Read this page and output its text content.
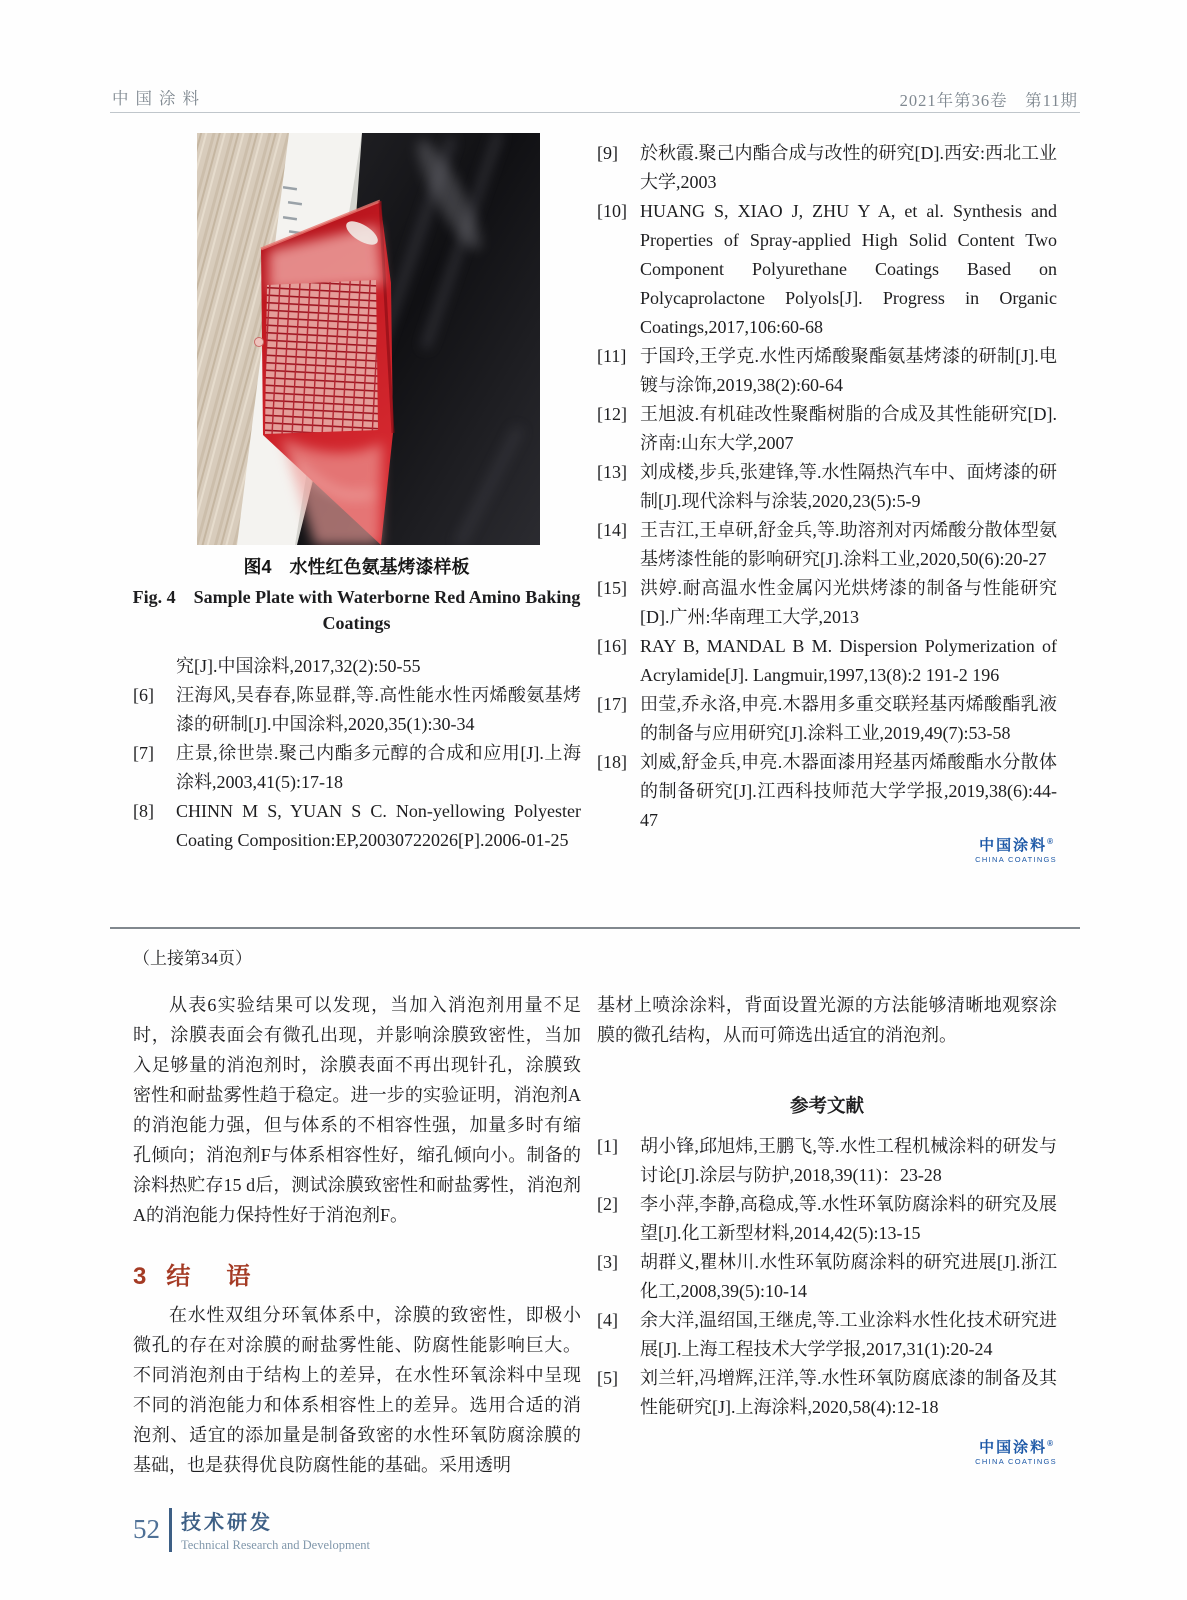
中国涂料	2021年第36卷　第11期
图4　水性红色氨基烤漆样板
Fig. 4　Sample Plate with Waterborne Red Amino Baking
Coatings
究[J].中国涂料,2017,32(2):50-55
[6] 汪海风,吴春春,陈显群,等.高性能水性丙烯酸氨基烤漆的研制[J].中国涂料,2020,35(1):30-34
[7] 庄景,徐世崇.聚己内酯多元醇的合成和应用[J].上海涂料,2003,41(5):17-18
[8] CHINN M S, YUAN S C. Non-yellowing Polyester Coating Composition:EP,20030722026[P].2006-01-25
[9] 於秋霞.聚己内酯合成与改性的研究[D].西安:西北工业大学,2003
[10] HUANG S, XIAO J, ZHU Y A, et al. Synthesis and Properties of Spray-applied High Solid Content Two Component Polyurethane Coatings Based on Polycaprolactone Polyols[J]. Progress in Organic Coatings,2017,106:60-68
[11] 于国玲,王学克.水性丙烯酸聚酯氨基烤漆的研制[J].电镀与涂饰,2019,38(2):60-64
[12] 王旭波.有机硅改性聚酯树脂的合成及其性能研究[D].济南:山东大学,2007
[13] 刘成楼,步兵,张建锋,等.水性隔热汽车中、面烤漆的研制[J].现代涂料与涂装,2020,23(5):5-9
[14] 王吉江,王卓研,舒金兵,等.助溶剂对丙烯酸分散体型氨基烤漆性能的影响研究[J].涂料工业,2020,50(6):20-27
[15] 洪婷.耐高温水性金属闪光烘烤漆的制备与性能研究[D].广州:华南理工大学,2013
[16] RAY B, MANDAL B M. Dispersion Polymerization of Acrylamide[J]. Langmuir,1997,13(8):2 191-2 196
[17] 田莹,乔永洛,申亮.木器用多重交联羟基丙烯酸酯乳液的制备与应用研究[J].涂料工业,2019,49(7):53-58
[18] 刘威,舒金兵,申亮.木器面漆用羟基丙烯酸酯水分散体的制备研究[J].江西科技师范大学学报,2019,38(6):44-47
中国涂料®
CHINA COATINGS
（上接第34页）
从表6实验结果可以发现，当加入消泡剂用量不足时，涂膜表面会有微孔出现，并影响涂膜致密性，当加入足够量的消泡剂时，涂膜表面不再出现针孔，涂膜致密性和耐盐雾性趋于稳定。进一步的实验证明，消泡剂A的消泡能力强，但与体系的不相容性强，加量多时有缩孔倾向；消泡剂F与体系相容性好，缩孔倾向小。制备的涂料热贮存15 d后，测试涂膜致密性和耐盐雾性，消泡剂A的消泡能力保持性好于消泡剂F。
3 结　语
在水性双组分环氧体系中，涂膜的致密性，即极小微孔的存在对涂膜的耐盐雾性能、防腐性能影响巨大。不同消泡剂由于结构上的差异，在水性环氧涂料中呈现不同的消泡能力和体系相容性上的差异。选用合适的消泡剂、适宜的添加量是制备致密的水性环氧防腐涂膜的基础，也是获得优良防腐性能的基础。采用透明
基材上喷涂涂料，背面设置光源的方法能够清晰地观察涂膜的微孔结构，从而可筛选出适宜的消泡剂。
参考文献
[1] 胡小锋,邱旭炜,王鹏飞,等.水性工程机械涂料的研发与讨论[J].涂层与防护,2018,39(11)：23-28
[2] 李小萍,李静,高稳成,等.水性环氧防腐涂料的研究及展望[J].化工新型材料,2014,42(5):13-15
[3] 胡群义,瞿林川.水性环氧防腐涂料的研究进展[J].浙江化工,2008,39(5):10-14
[4] 余大洋,温绍国,王继虎,等.工业涂料水性化技术研究进展[J].上海工程技术大学学报,2017,31(1):20-24
[5] 刘兰轩,冯增辉,汪洋,等.水性环氧防腐底漆的制备及其性能研究[J].上海涂料,2020,58(4):12-18
中国涂料®
CHINA COATINGS
52 技术研发
Technical Research and Development
